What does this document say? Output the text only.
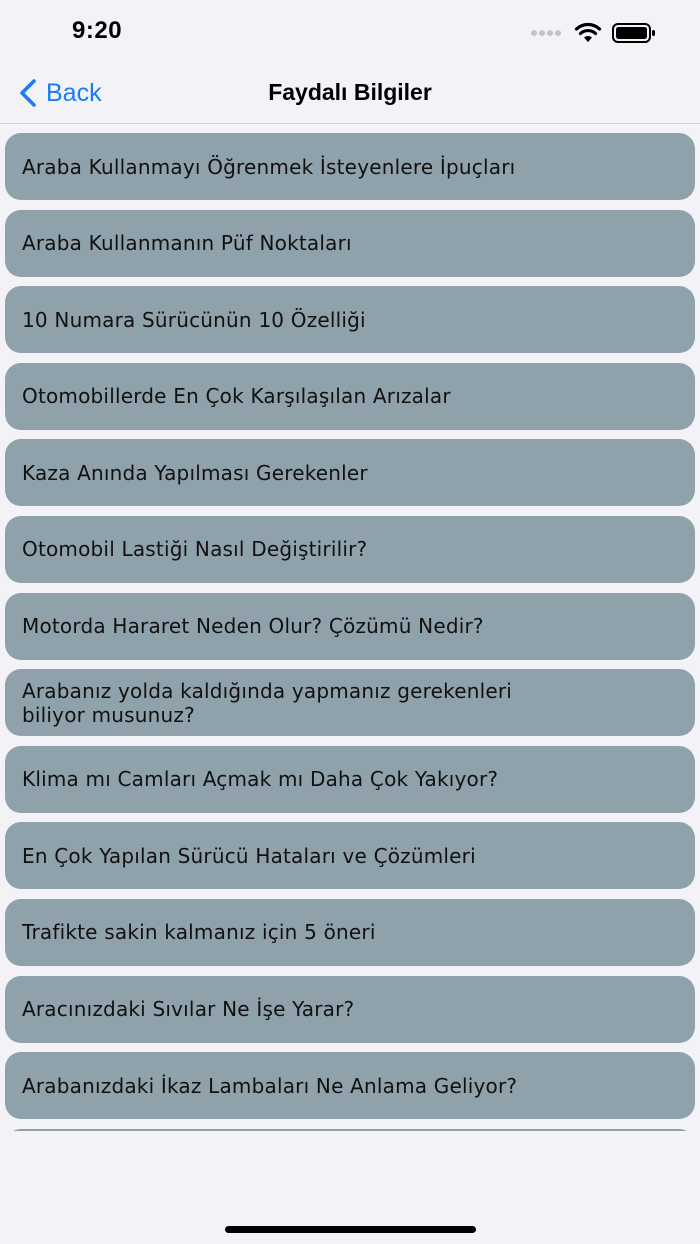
9:20
Back	Faydalı Bilgiler
Araba Kullanmayı Öğrenmek İsteyenlere İpuçları
Araba Kullanmanın Püf Noktaları
10 Numara Sürücünün 10 Özelliği
Otomobillerde En Çok Karşılaşılan Arızalar
Kaza Anında Yapılması Gerekenler
Otomobil Lastiği Nasıl Değiştirilir?
Motorda Hararet Neden Olur? Çözümü Nedir?
Arabanız yolda kaldığında yapmanız gerekenleri biliyor musunuz?
Klima mı Camları Açmak mı Daha Çok Yakıyor?
En Çok Yapılan Sürücü Hataları ve Çözümleri
Trafikte sakin kalmanız için 5 öneri
Aracınızdaki Sıvılar Ne İşe Yarar?
Arabanızdaki İkaz Lambaları Ne Anlama Geliyor?
